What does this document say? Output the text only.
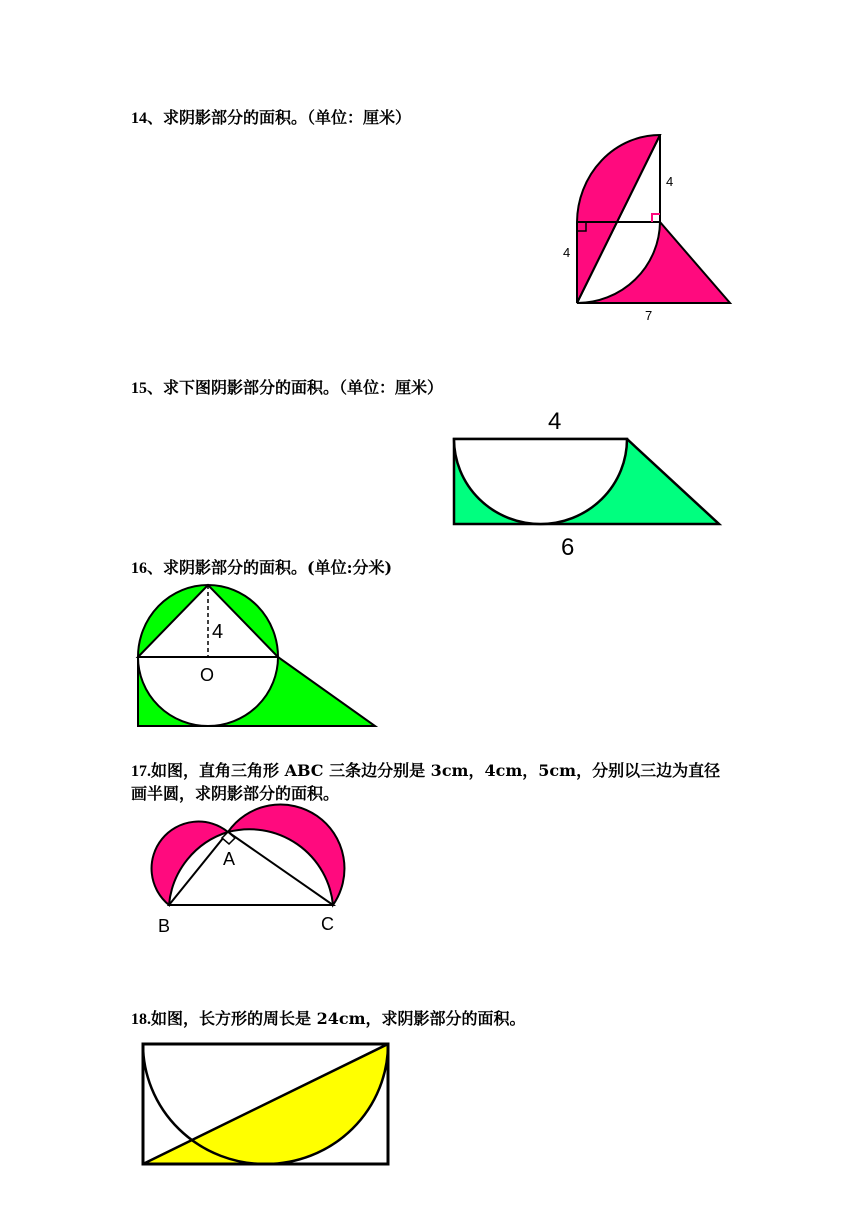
14、求阴影部分的面积。（单位：厘米）
4
4
7
15、求下图阴影部分的面积。（单位：厘米）
4
6
16、求阴影部分的面积。(单位:分米)
4
O
17.如图，直角三角形 ABC 三条边分别是 3cm，4cm，5cm，分别以三边为直径
画半圆，求阴影部分的面积。
A
B	C
18.如图，长方形的周长是 24cm，求阴影部分的面积。
